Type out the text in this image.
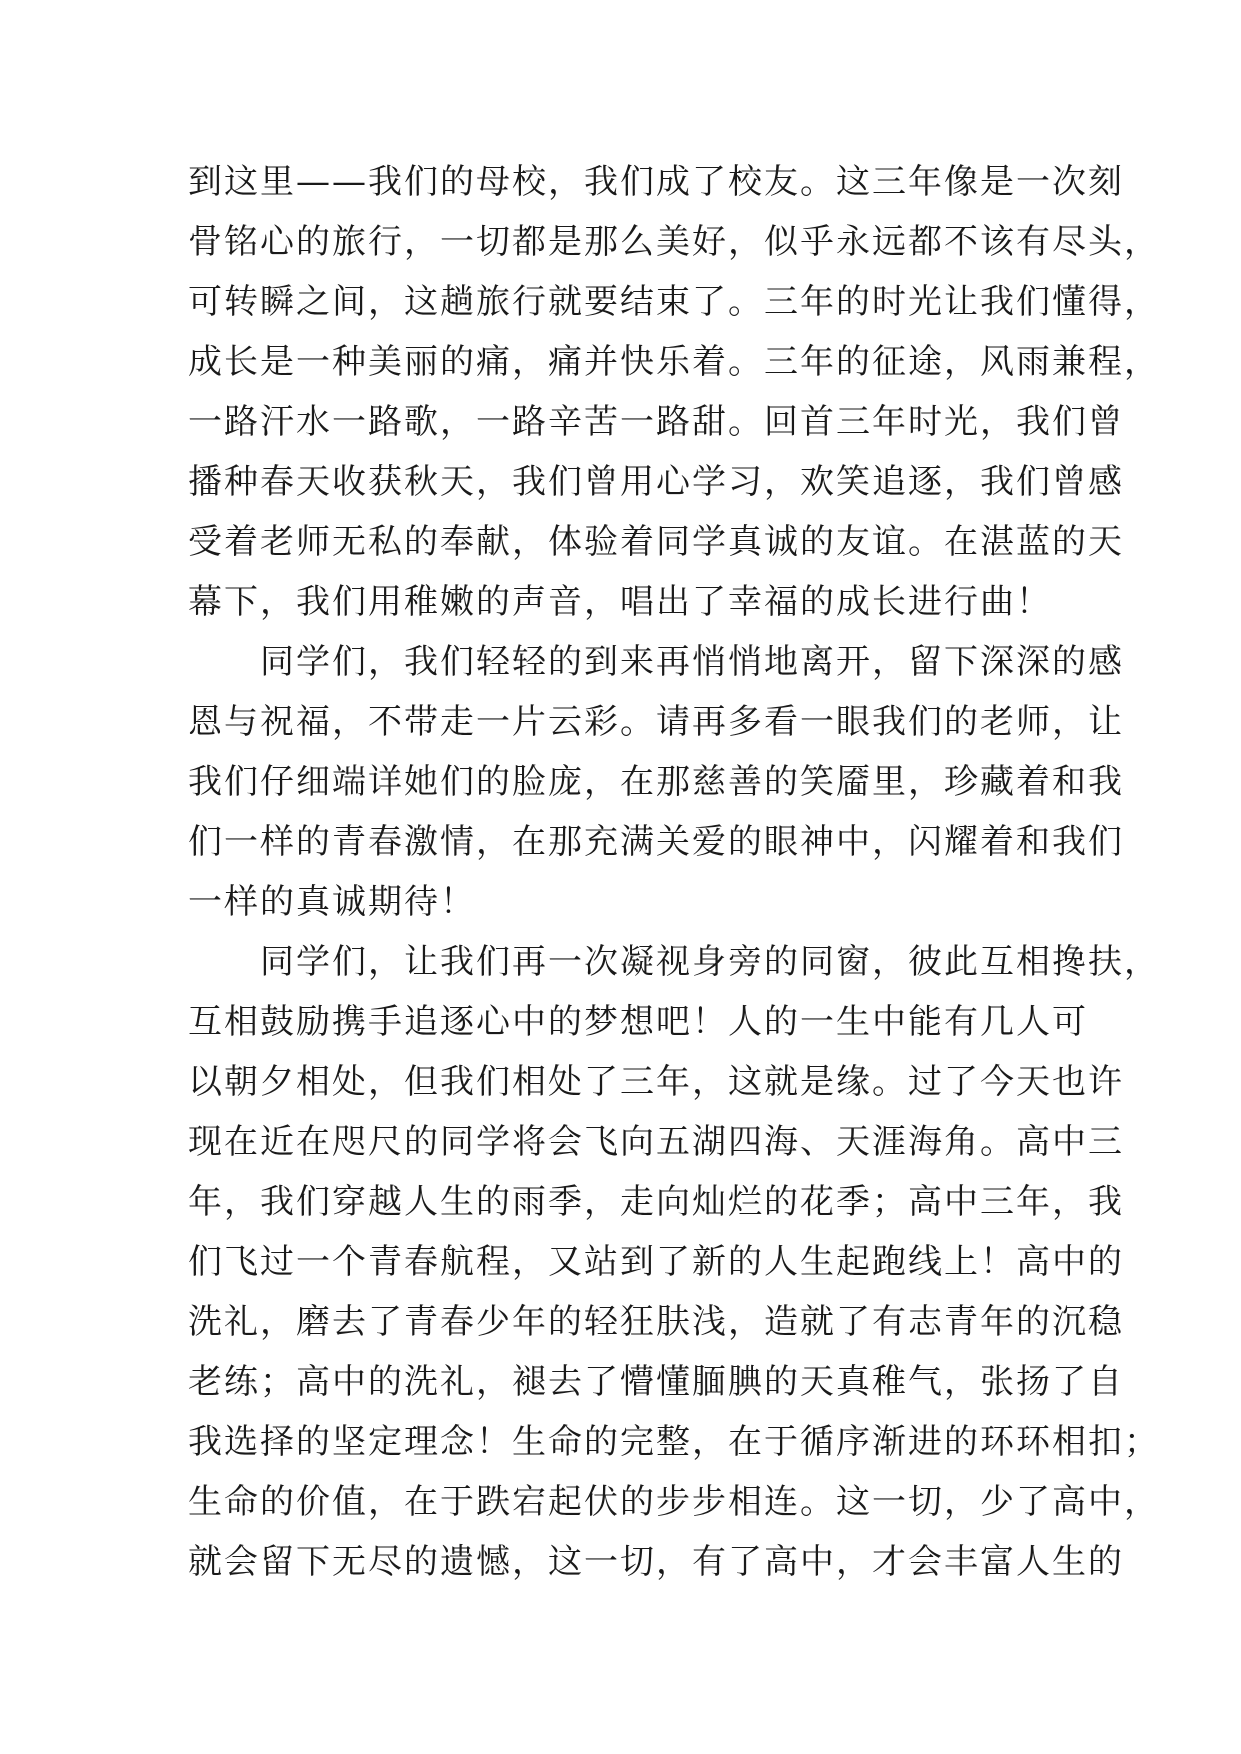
到这里——我们的母校，我们成了校友。这三年像是一次刻
骨铭心的旅行，一切都是那么美好，似乎永远都不该有尽头，
可转瞬之间，这趟旅行就要结束了。三年的时光让我们懂得，
成长是一种美丽的痛，痛并快乐着。三年的征途，风雨兼程，
一路汗水一路歌，一路辛苦一路甜。回首三年时光，我们曾
播种春天收获秋天，我们曾用心学习，欢笑追逐，我们曾感
受着老师无私的奉献，体验着同学真诚的友谊。在湛蓝的天
幕下，我们用稚嫩的声音，唱出了幸福的成长进行曲！
同学们，我们轻轻的到来再悄悄地离开，留下深深的感
恩与祝福，不带走一片云彩。请再多看一眼我们的老师，让
我们仔细端详她们的脸庞，在那慈善的笑靥里，珍藏着和我
们一样的青春激情，在那充满关爱的眼神中，闪耀着和我们
一样的真诚期待！
同学们，让我们再一次凝视身旁的同窗，彼此互相搀扶，
互相鼓励携手追逐心中的梦想吧！人的一生中能有几人可
以朝夕相处，但我们相处了三年，这就是缘。过了今天也许
现在近在咫尺的同学将会飞向五湖四海、天涯海角。高中三
年，我们穿越人生的雨季，走向灿烂的花季；高中三年，我
们飞过一个青春航程，又站到了新的人生起跑线上！高中的
洗礼，磨去了青春少年的轻狂肤浅，造就了有志青年的沉稳
老练；高中的洗礼，褪去了懵懂腼腆的天真稚气，张扬了自
我选择的坚定理念！生命的完整，在于循序渐进的环环相扣；
生命的价值，在于跌宕起伏的步步相连。这一切，少了高中，
就会留下无尽的遗憾，这一切，有了高中，才会丰富人生的
